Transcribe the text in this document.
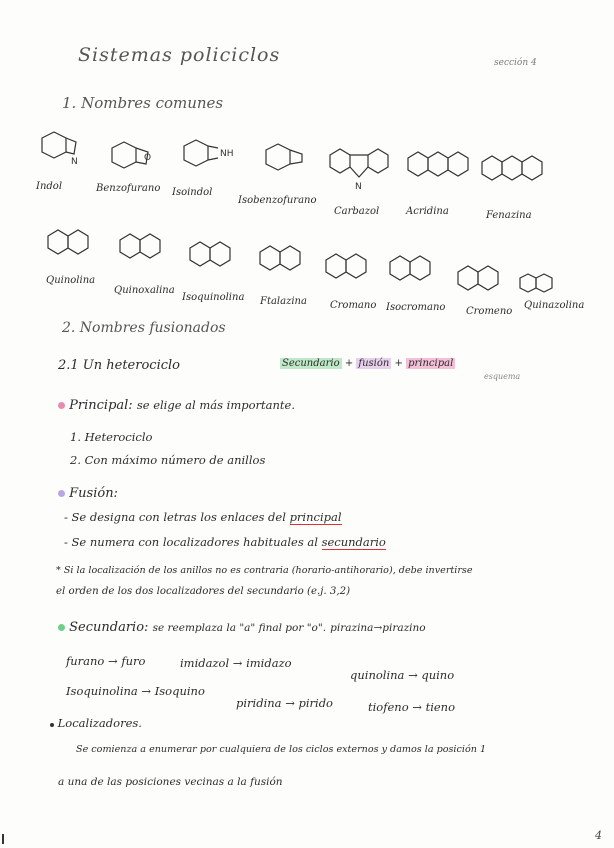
Sistemas policiclos	sección 4
1. Nombres comunes
N
Indol
O
Benzofurano
NH
Isoindol
Isobenzofurano
N
Carbazol	Acridina	Fenazina
Quinolina
Quinoxalina
Isoquinolina Ftalazina Cromano Isocromano Cromeno
Quinazolina
2. Nombres fusionados
2.1 Un heterociclo	Secundario + fusión + principal
esquema
Principal: se elige al más importante.
1. Heterociclo
2. Con máximo número de anillos
Fusión:
- Se designa con letras los enlaces del principal
- Se numera con localizadores habituales al secundario
* Si la localización de los anillos no es contraria (horario-antihorario), debe invertirse
el orden de los dos localizadores del secundario (e.j. 3,2)
Secundario: se reemplaza la "a" final por "o". pirazina→pirazino
furano → furo	imidazol → imidazo
quinolina → quino
Isoquinolina → Isoquino
piridina → pirido	tiofeno → tieno
Localizadores.
Se comienza a enumerar por cualquiera de los ciclos externos y damos la posición 1
a una de las posiciones vecinas a la fusión
4
